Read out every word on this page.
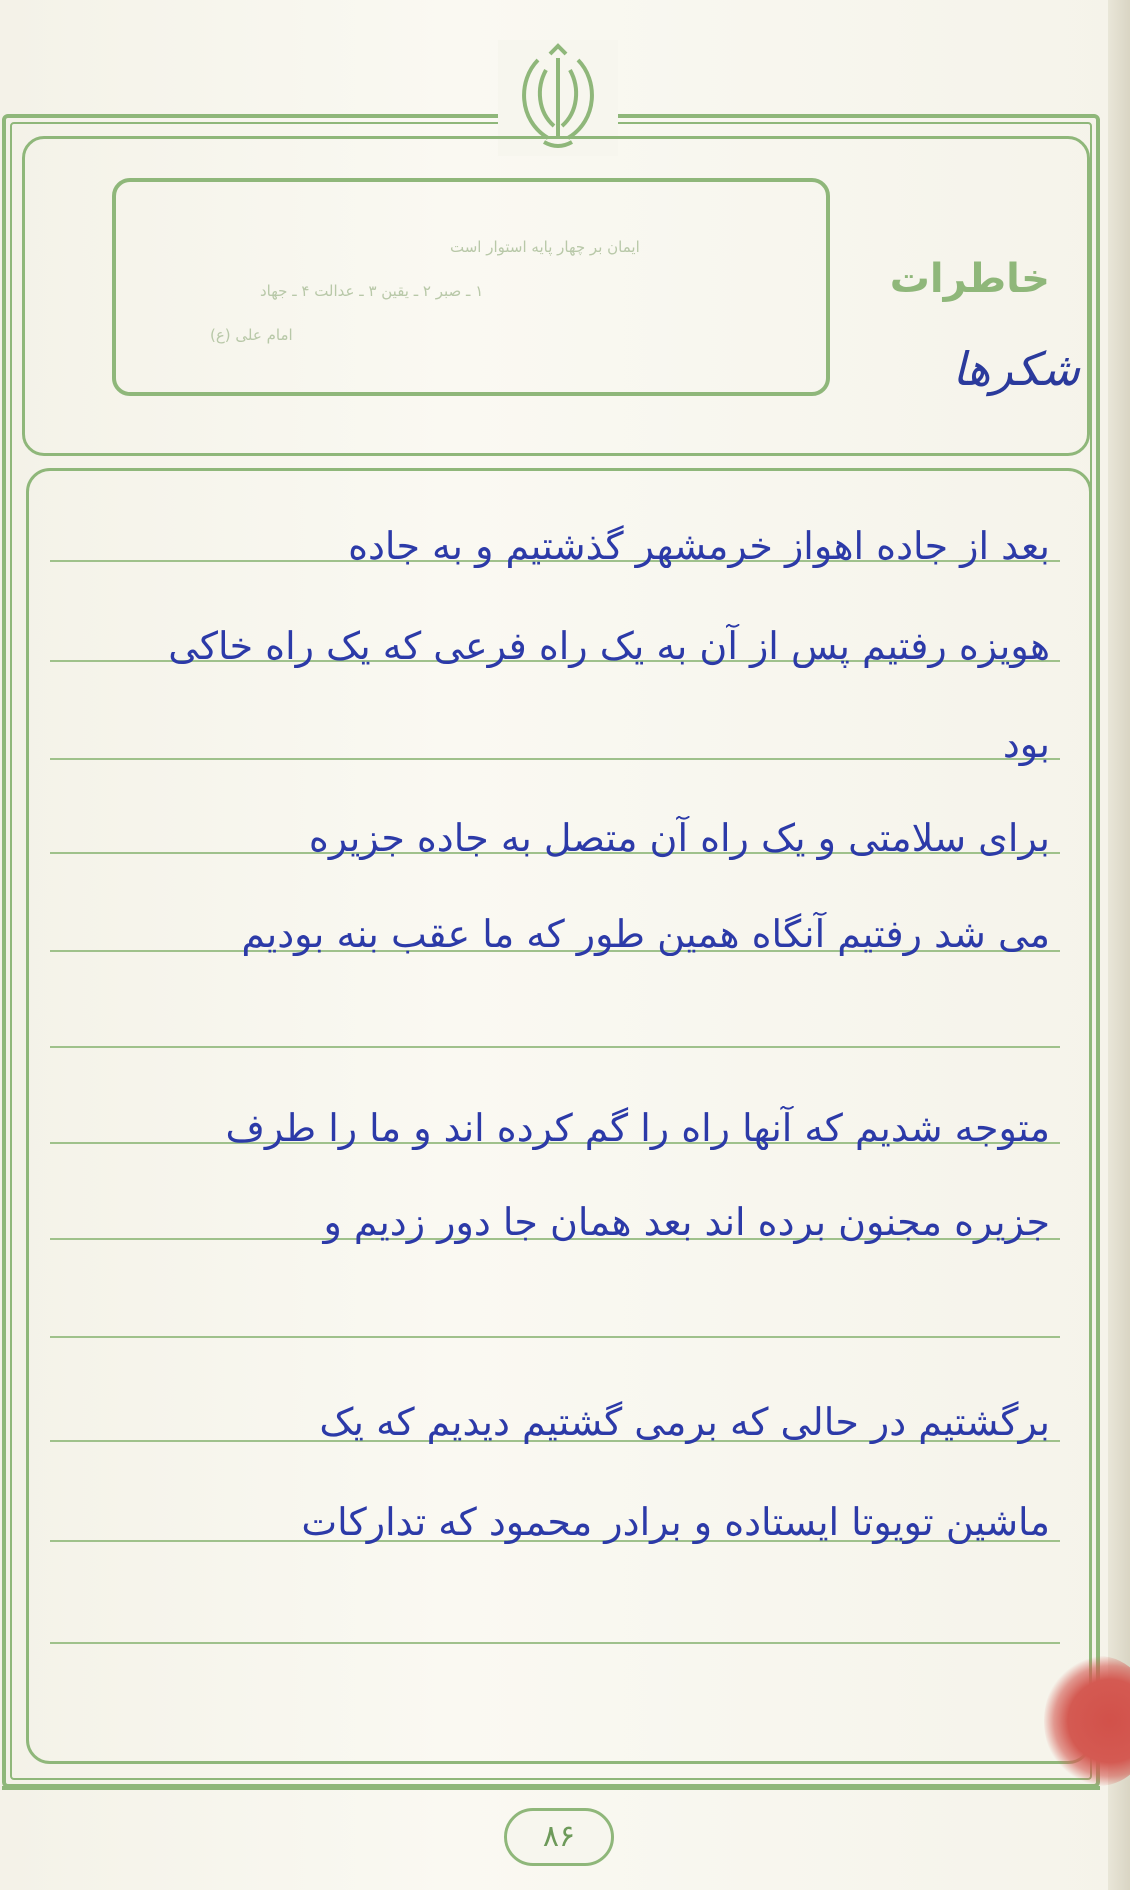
ایمان بر چهار پایه استوار است
۱ ـ صبر ۲ ـ یقین ۳ ـ عدالت ۴ ـ جهاد
امام علی (ع)
خاطرات
شکرها
بعد از جاده اهواز خرمشهر گذشتیم و به جاده
هویزه رفتیم پس از آن به یک راه فرعی که یک راه خاکی
بود
برای سلامتی و یک راه آن متصل به جاده جزیره
می شد رفتیم آنگاه همین طور که ما عقب بنه بودیم
متوجه شدیم که آنها راه را گم کرده اند و ما را طرف
جزیره مجنون برده اند بعد همان جا دور زدیم و
برگشتیم در حالی که برمی گشتیم دیدیم که یک
ماشین تویوتا ایستاده و برادر محمود که تدارکات
۸۶
